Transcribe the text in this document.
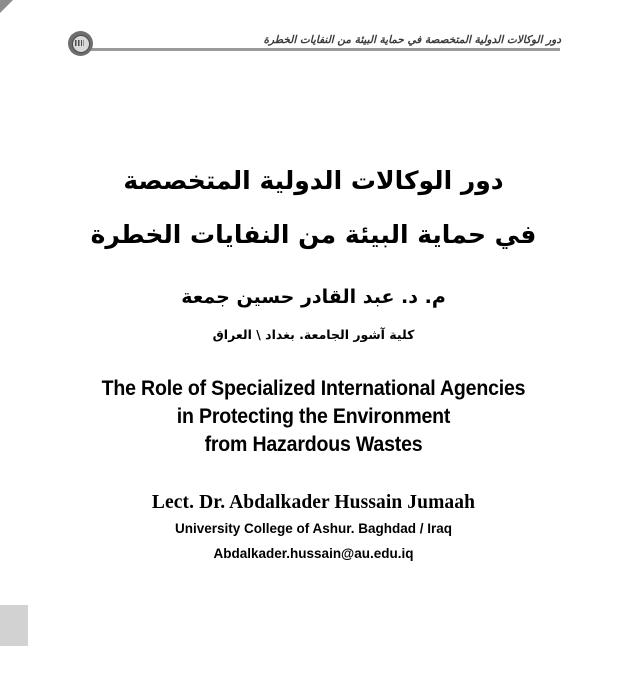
دور الوكالات الدولية المتخصصة في حماية البيئة من النفايات الخطرة
دور الوكالات الدولية المتخصصة
في حماية البيئة من النفايات الخطرة
م. د. عبد القادر حسين جمعة
كلية آشور الجامعة. بغداد \ العراق
The Role of Specialized International Agencies
in Protecting the Environment
from Hazardous Wastes
Lect. Dr. Abdalkader Hussain Jumaah
University College of Ashur. Baghdad / Iraq
Abdalkader.hussain@au.edu.iq
